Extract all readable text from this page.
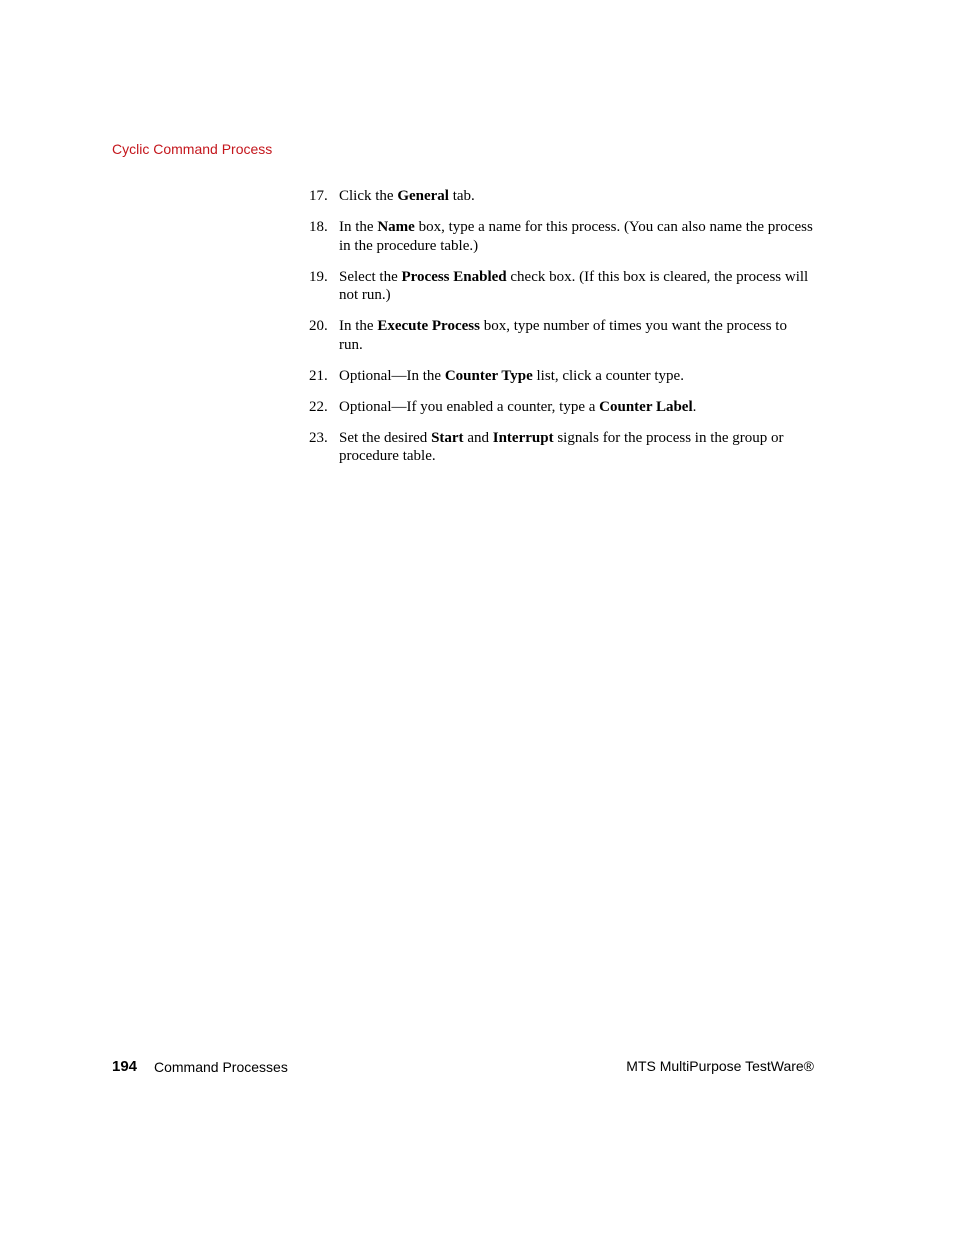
Cyclic Command Process
17. Click the General tab.
18. In the Name box, type a name for this process. (You can also name the process in the procedure table.)
19. Select the Process Enabled check box. (If this box is cleared, the process will not run.)
20. In the Execute Process box, type number of times you want the process to run.
21. Optional—In the Counter Type list, click a counter type.
22. Optional—If you enabled a counter, type a Counter Label.
23. Set the desired Start and Interrupt signals for the process in the group or procedure table.
194 Command Processes	MTS MultiPurpose TestWare®
